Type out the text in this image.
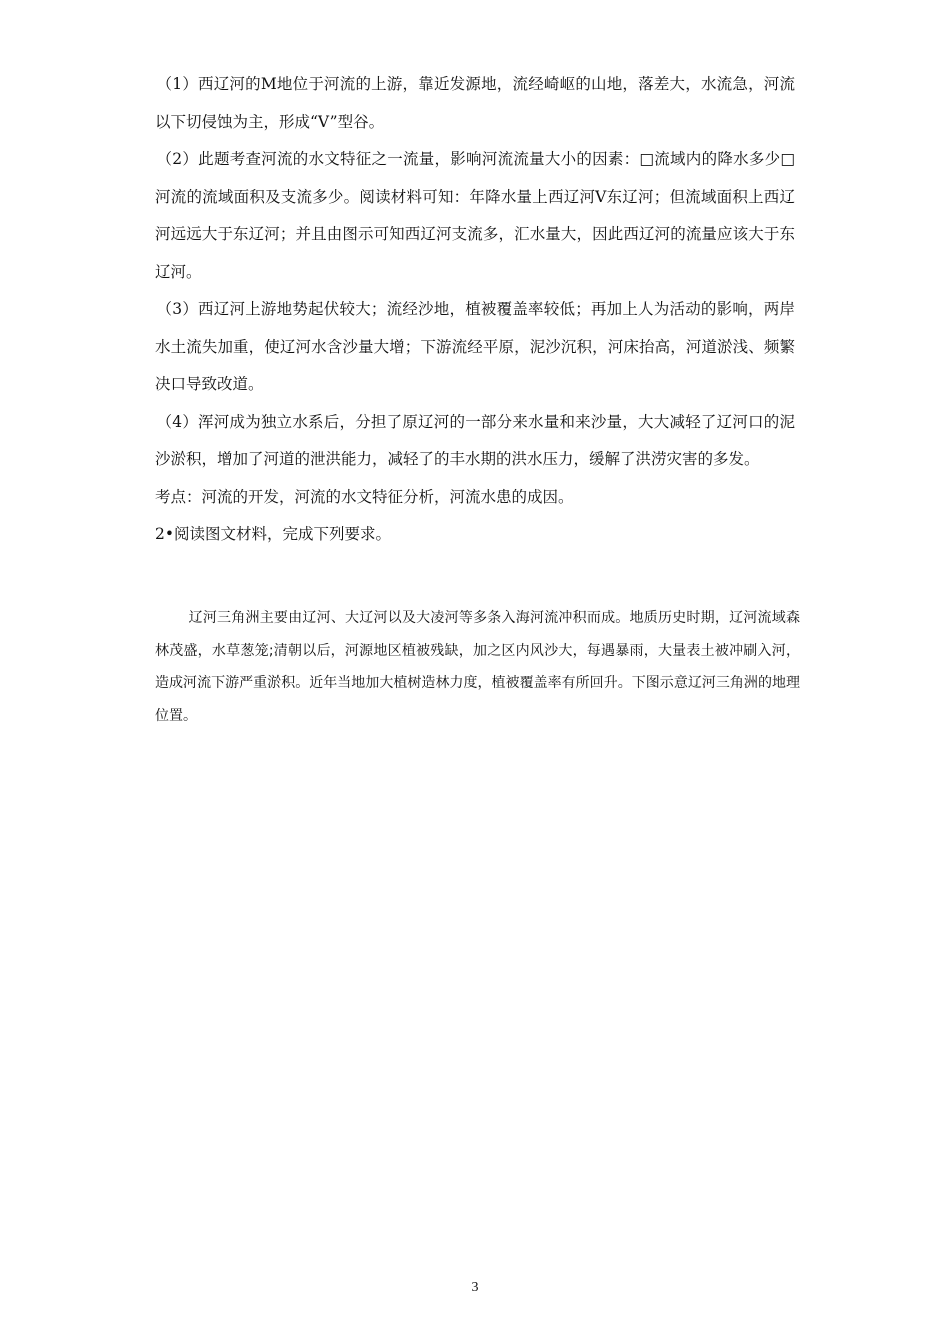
（1）西辽河的M地位于河流的上游，靠近发源地，流经崎岖的山地，落差大，水流急，河流以下切侵蚀为主，形成“V”型谷。

（2）此题考查河流的水文特征之一流量，影响河流流量大小的因素：□流域内的降水多少□河流的流域面积及支流多少。阅读材料可知：年降水量上西辽河V东辽河；但流域面积上西辽河远远大于东辽河；并且由图示可知西辽河支流多，汇水量大，因此西辽河的流量应该大于东辽河。

（3）西辽河上游地势起伏较大；流经沙地，植被覆盖率较低；再加上人为活动的影响，两岸水土流失加重，使辽河水含沙量大增；下游流经平原，泥沙沉积，河床抬高，河道淤浅、频繁决口导致改道。

（4）浑河成为独立水系后，分担了原辽河的一部分来水量和来沙量，大大减轻了辽河口的泥沙淤积，增加了河道的泄洪能力，减轻了的丰水期的洪水压力，缓解了洪涝灾害的多发。

考点：河流的开发，河流的水文特征分析，河流水患的成因。

2•阅读图文材料，完成下列要求。

辽河三角洲主要由辽河、大辽河以及大凌河等多条入海河流冲积而成。地质历史时期，辽河流域森林茂盛，水草葱笼;清朝以后，河源地区植被残缺，加之区内风沙大，每遇暴雨，大量表土被冲刷入河，造成河流下游严重淤积。近年当地加大植树造林力度，植被覆盖率有所回升。下图示意辽河三角洲的地理位置。

3
